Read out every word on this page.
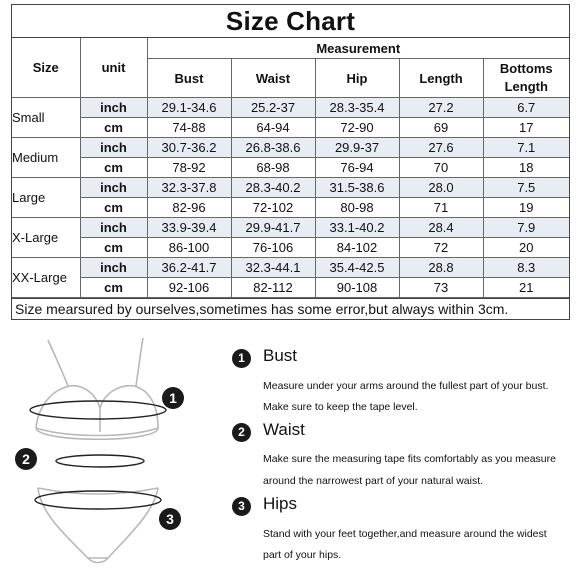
Size Chart
Size	unit	Measurement				
		Bust	Waist	Hip	Length	Bottoms Length
Small	inch	29.1-34.6	25.2-37	28.3-35.4	27.2	6.7
	cm	74-88	64-94	72-90	69	17
Medium	inch	30.7-36.2	26.8-38.6	29.9-37	27.6	7.1
	cm	78-92	68-98	76-94	70	18
Large	inch	32.3-37.8	28.3-40.2	31.5-38.6	28.0	7.5
	cm	82-96	72-102	80-98	71	19
X-Large	inch	33.9-39.4	29.9-41.7	33.1-40.2	28.4	7.9
	cm	86-100	76-106	84-102	72	20
XX-Large	inch	36.2-41.7	32.3-44.1	35.4-42.5	28.8	8.3
	cm	92-106	82-112	90-108	73	21
Size mearsured by ourselves,sometimes has some error,but always within 3cm.
1
2
3
1	Bust
Measure under your arms around the fullest part of your bust.
Make sure to keep the tape level.
2	Waist
Make sure the measuring tape fits comfortably as you measure
around the narrowest part of your natural waist.
3	Hips
Stand with your feet together,and measure around the widest
part of your hips.
